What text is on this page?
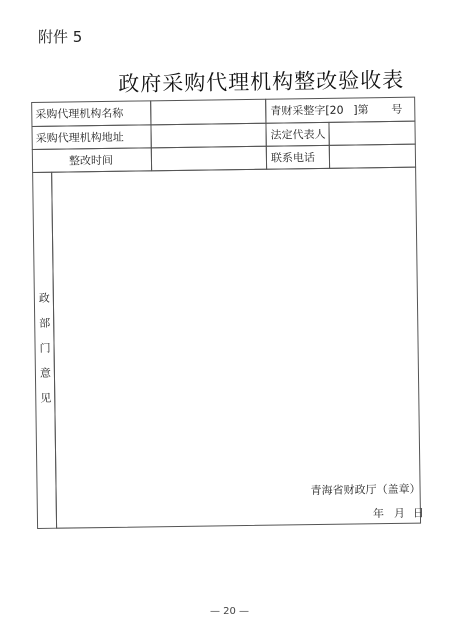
附件 5
政府采购代理机构整改验收表
采购代理机构名称	青财采整字[20 ]第 号
采购代理机构地址	法定代表人
整改时间	联系电话
政
部
门
意
见
青海省财政厅（盖章）
年 月 日
— 20 —
